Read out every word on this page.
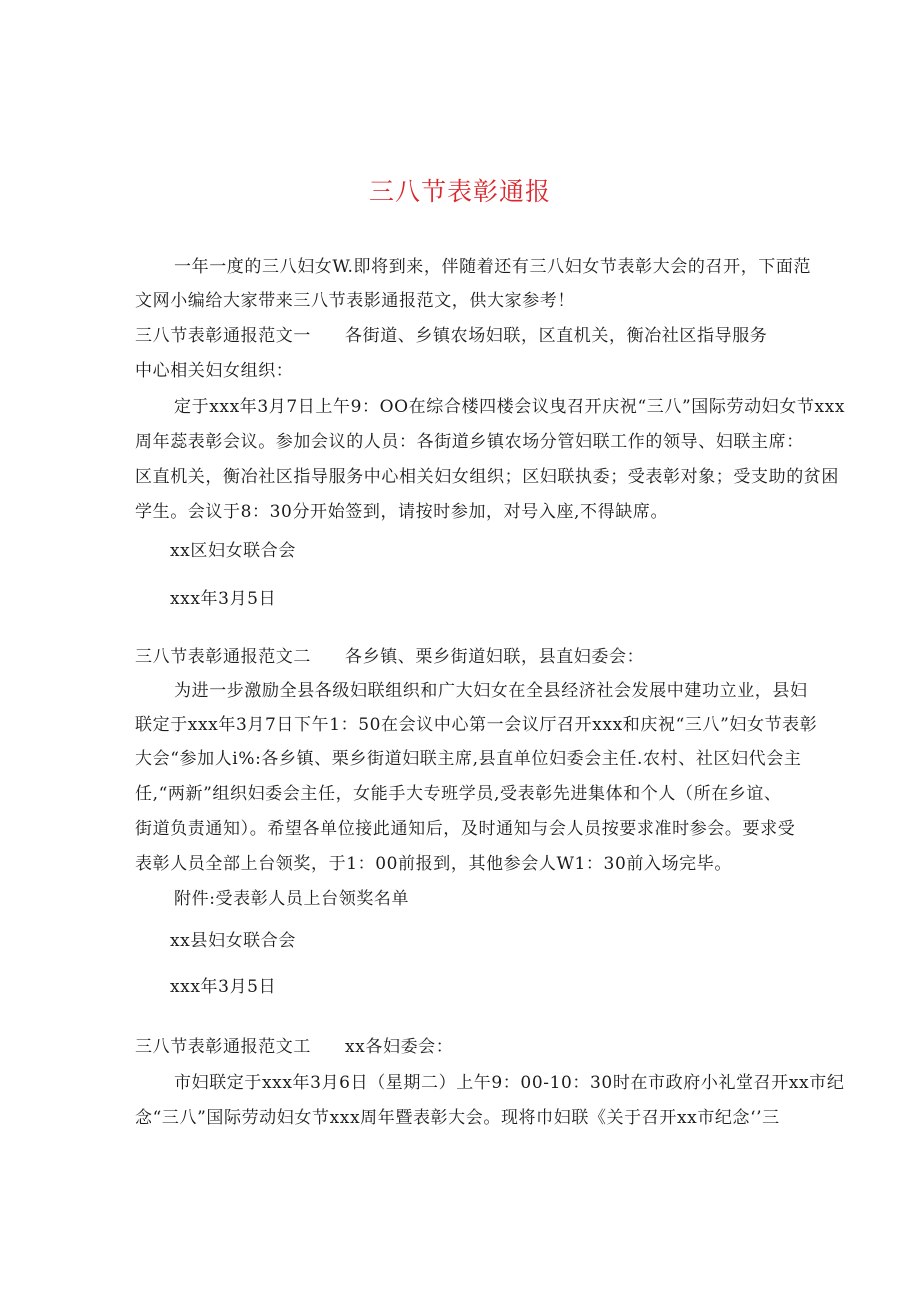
三八节表彰通报
一年一度的三八妇女W.即将到来，伴随着还有三八妇女节表彰大会的召开，下面范
文网小编给大家带来三八节表影通报范文，供大家参考！
三八节表彰通报范文一 各街道、乡镇农场妇联，区直机关，衡冶社区指导服务
中心相关妇女组织：
定于xxx年3月7日上午9：OO在综合楼四楼会议曳召开庆祝“三八”国际劳动妇女节xxx
周年蕊表彰会议。参加会议的人员：各街道乡镇农场分管妇联工作的领导、妇联主席：
区直机关，衡冶社区指导服务中心相关妇女组织；区妇联执委；受表彰对象；受支助的贫困
学生。会议于8：30分开始签到，请按时参加，对号入座,不得缺席。
xx区妇女联合会
xxx年3月5日
三八节表彰通报范文二 各乡镇、栗乡街道妇联，县直妇委会：
为进一步激励全县各级妇联组织和广大妇女在全县经济社会发展中建功立业，县妇
联定于xxx年3月7日下午1：50在会议中心第一会议厅召开xxx和庆祝“三八”妇女节表彰
大会“参加人i%:各乡镇、栗乡街道妇联主席,县直单位妇委会主任.农村、社区妇代会主
任,“两新”组织妇委会主任，女能手大专班学员,受表彰先进集体和个人（所在乡谊、
街道负责通知）。希望各单位接此通知后，及时通知与会人员按要求准时参会。要求受
表彰人员全部上台领奖，于1：00前报到，其他参会人W1：30前入场完毕。
附件:受表彰人员上台领奖名单
xx县妇女联合会
xxx年3月5日
三八节表彰通报范文工 xx各妇委会：
市妇联定于xxx年3月6日（星期二）上午9：00-10：30时在市政府小礼堂召开xx市纪
念“三八”国际劳动妇女节xxx周年暨表彰大会。现将巾妇联《关于召开xx市纪念‘’三
